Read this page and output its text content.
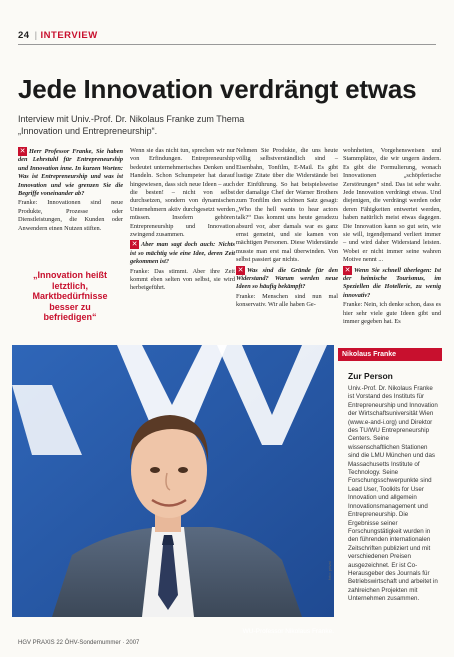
24 | INTERVIEW
Jede Innovation verdrängt etwas
Interview mit Univ.-Prof. Dr. Nikolaus Franke zum Thema „Innovation und Entrepreneurship“.

✕ Herr Professor Franke, Sie haben den Lehrstuhl für Entrepreneurship und Innovation inne. In kurzen Worten: Was ist Entrepreneurship und was ist Innovation und wie grenzen Sie die Begriffe voneinander ab?

Franke: Innovationen sind neue Produkte, Prozesse oder Dienstleistungen, die Kunden oder Anwendern einen Nutzen stiften.

„Innovation heißt letztlich, Marktbedürfnisse besser zu befriedigen“

Wenn sie das nicht tun, sprechen wir nur von Erfindungen. Entrepreneurship bedeutet unternehmerisches Denken und Handeln. Schon Schumpeter hat darauf hingewiesen, dass sich neue Ideen – auch die besten! – nicht von selbst durchsetzen, sondern von dynamischen Unternehmern aktiv durchgesetzt werden müssen. Insofern gehören Entrepreneurship und Innovation zwingend zusammen.

✕ Aber man sagt doch auch: Nichts ist so mächtig wie eine Idee, deren Zeit gekommen ist?

Franke: Das stimmt. Aber ihre Zeit kommt eben selten von selbst, sie wird herbeigeführt.

Nehmen Sie Produkte, die uns heute völlig selbstverständlich sind – Eisenbahn, Tonfilm, E-Mail. Es gibt lustige Zitate über die Widerstände bei der Einführung. So hat beispielsweise der damalige Chef der Warner Brothers zum Tonfilm den schönen Satz gesagt: „Who the hell wants to hear actors talk?“ Das kommt uns heute geradezu absurd vor, aber damals war es ganz ernst gemeint, und sie kamen von mächtigen Personen. Diese Widerstände musste man erst mal überwinden. Von selbst passiert gar nichts.

✕ Was sind die Gründe für den Widerstand? Warum werden neue Ideen so häufig bekämpft?

Franke: Menschen sind nun mal konservativ. Wir alle haben Ge-

wohnheiten, Vorgehensweisen und Stammplätze, die wir ungern ändern. Es gibt die Formulierung, wonach Innovationen „schöpferische Zerstörungen“ sind. Das ist sehr wahr. Jede Innovation verdrängt etwas. Und diejenigen, die verdrängt werden oder deren Fähigkeiten entwertet werden, haben natürlich meist etwas dagegen. Die Innovation kann so gut sein, wie sie will, irgendjemand verliert immer – und wird daher Widerstand leisten. Wobei er nicht immer seine wahren Motive nennt ...

✕ Wenn Sie schnell überlegen: Ist der heimische Tourismus, im Speziellen die Hotellerie, zu wenig innovativ?

Franke: Nein, ich denke schon, dass es hier sehr viele gute Ideen gibt und immer gegeben hat. Es

WU-Professor Nikolaus Franke.
foto: privat
Nikolaus Franke
Zur Person
Univ.-Prof. Dr. Nikolaus Franke ist Vorstand des Instituts für Entrepreneurship und Innovation der Wirtschaftsuniversität Wien (www.e-and-i.org) und Direktor des TU/WU Entrepreneurship Centers. Seine wissenschaftlichen Stationen sind die LMU München und das Massachusetts Institute of Technology. Seine Forschungsschwerpunkte sind Lead User, Toolkits for User Innovation und allgemein Innovationsmanagement und Entrepreneurship. Die Ergebnisse seiner Forschungstätigkeit wurden in den führenden internationalen Zeitschriften publiziert und mit verschiedenen Preisen ausgezeichnet. Er ist Co-Herausgeber des Journals für Betriebswirtschaft und arbeitet in zahlreichen Projekten mit Unternehmen zusammen.
HGV PRAXIS 22 ÖHV-Sondernummer · 2007
